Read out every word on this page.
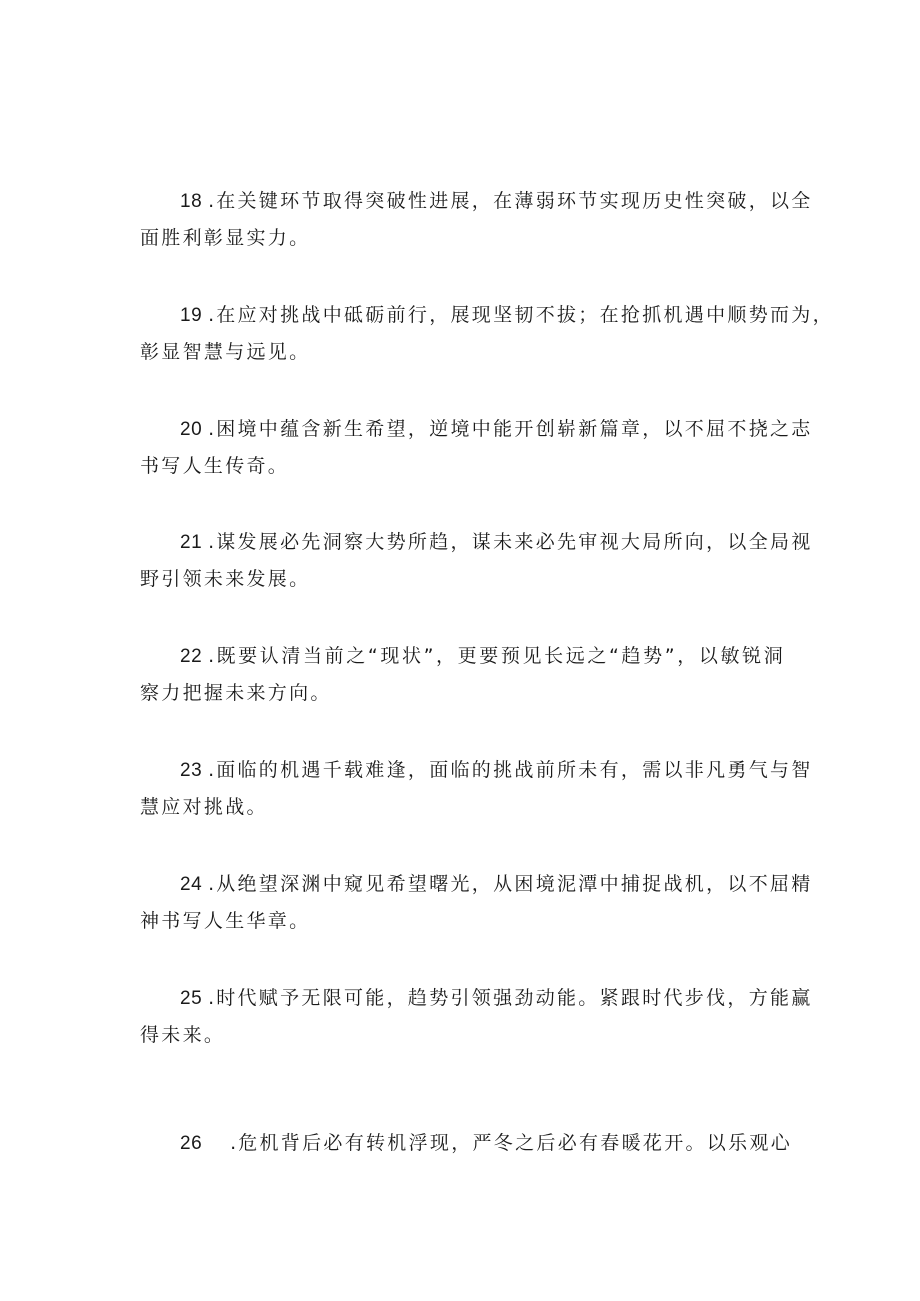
18 . 在关键环节取得突破性进展，在薄弱环节实现历史性突破，以全
面胜利彰显实力。
19 . 在应对挑战中砥砺前行，展现坚韧不拔；在抢抓机遇中顺势而为，
彰显智慧与远见。
20 . 困境中蕴含新生希望，逆境中能开创崭新篇章，以不屈不挠之志
书写人生传奇。
21 . 谋发展必先洞察大势所趋，谋未来必先审视大局所向，以全局视
野引领未来发展。
22 . 既要认清当前之“现状”，更要预见长远之“趋势”，以敏锐洞
察力把握未来方向。
23 . 面临的机遇千载难逢，面临的挑战前所未有，需以非凡勇气与智
慧应对挑战。
24 . 从绝望深渊中窥见希望曙光，从困境泥潭中捕捉战机，以不屈精
神书写人生华章。
25 . 时代赋予无限可能，趋势引领强劲动能。紧跟时代步伐，方能赢
得未来。
26 . 危机背后必有转机浮现，严冬之后必有春暖花开。以乐观心
